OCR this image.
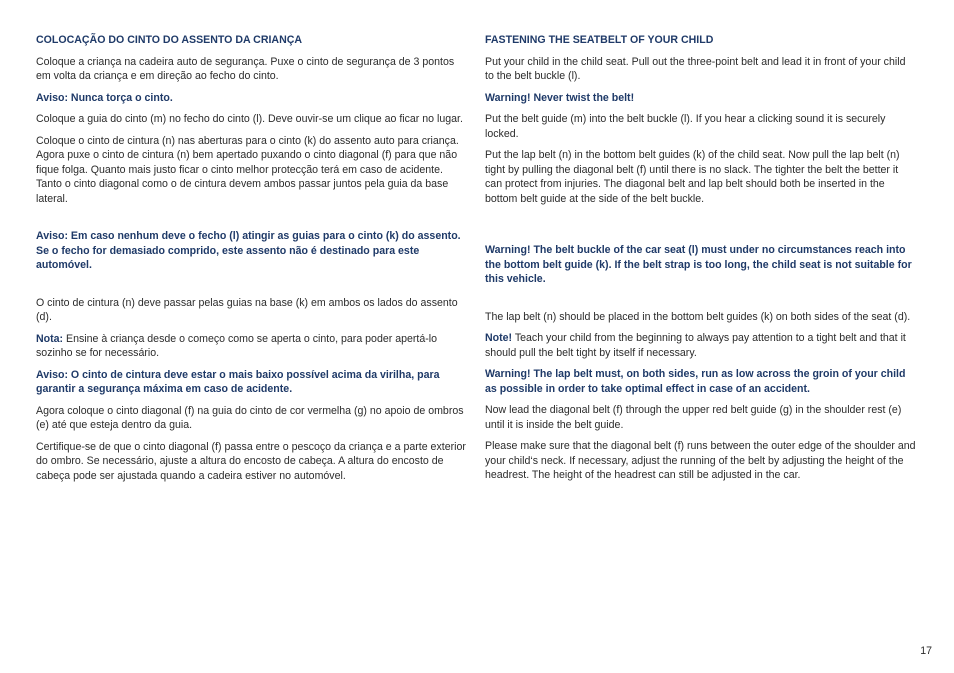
COLOCAÇÃO DO CINTO DO ASSENTO DA CRIANÇA

Coloque a criança na cadeira auto de segurança. Puxe o cinto de segurança de 3 pontos em volta da criança e em direção ao fecho do cinto.

Aviso: Nunca torça o cinto.

Coloque a guia do cinto (m) no fecho do cinto (l). Deve ouvir-se um clique ao ficar no lugar.

Coloque o cinto de cintura (n) nas aberturas para o cinto (k) do assento auto para criança. Agora puxe o cinto de cintura (n) bem apertado puxando o cinto diagonal (f) para que não fique folga. Quanto mais justo ficar o cinto melhor protecção terá em caso de acidente. Tanto o cinto diagonal como o de cintura devem ambos passar juntos pela guia da base lateral.

Aviso: Em caso nenhum deve o fecho (l) atingir as guias para o cinto (k) do assento. Se o fecho for demasiado comprido, este assento não é destinado para este automóvel.

O cinto de cintura (n) deve passar pelas guias na base (k) em ambos os lados do assento (d).

Nota: Ensine à criança desde o começo como se aperta o cinto, para poder apertá-lo sozinho se for necessário.

Aviso: O cinto de cintura deve estar o mais baixo possível acima da virilha, para garantir a segurança máxima em caso de acidente.

Agora coloque o cinto diagonal (f) na guia do cinto de cor vermelha (g) no apoio de ombros (e) até que esteja dentro da guia.

Certifique-se de que o cinto diagonal (f) passa entre o pescoço da criança e a parte exterior do ombro. Se necessário, ajuste a altura do encosto de cabeça. A altura do encosto de cabeça pode ser ajustada quando a cadeira estiver no automóvel.

FASTENING THE SEATBELT OF YOUR CHILD

Put your child in the child seat. Pull out the three-point belt and lead it in front of your child to the belt buckle (l).

Warning! Never twist the belt!

Put the belt guide (m) into the belt buckle (l). If you hear a clicking sound it is securely locked.

Put the lap belt (n) in the bottom belt guides (k) of the child seat. Now pull the lap belt (n) tight by pulling the diagonal belt (f) until there is no slack. The tighter the belt the better it can protect from injuries. The diagonal belt and lap belt should both be inserted in the bottom belt guide at the side of the belt buckle.

Warning! The belt buckle of the car seat (l) must under no circumstances reach into the bottom belt guide (k). If the belt strap is too long, the child seat is not suitable for this vehicle.

The lap belt (n) should be placed in the bottom belt guides (k) on both sides of the seat (d).

Note! Teach your child from the beginning to always pay attention to a tight belt and that it should pull the belt tight by itself if necessary.

Warning! The lap belt must, on both sides, run as low across the groin of your child as possible in order to take optimal effect in case of an accident.

Now lead the diagonal belt (f) through the upper red belt guide (g) in the shoulder rest (e) until it is inside the belt guide.

Please make sure that the diagonal belt (f) runs between the outer edge of the shoulder and your child‘s neck. If necessary, adjust the running of the belt by adjusting the height of the headrest. The height of the headrest can still be adjusted in the car.

17
